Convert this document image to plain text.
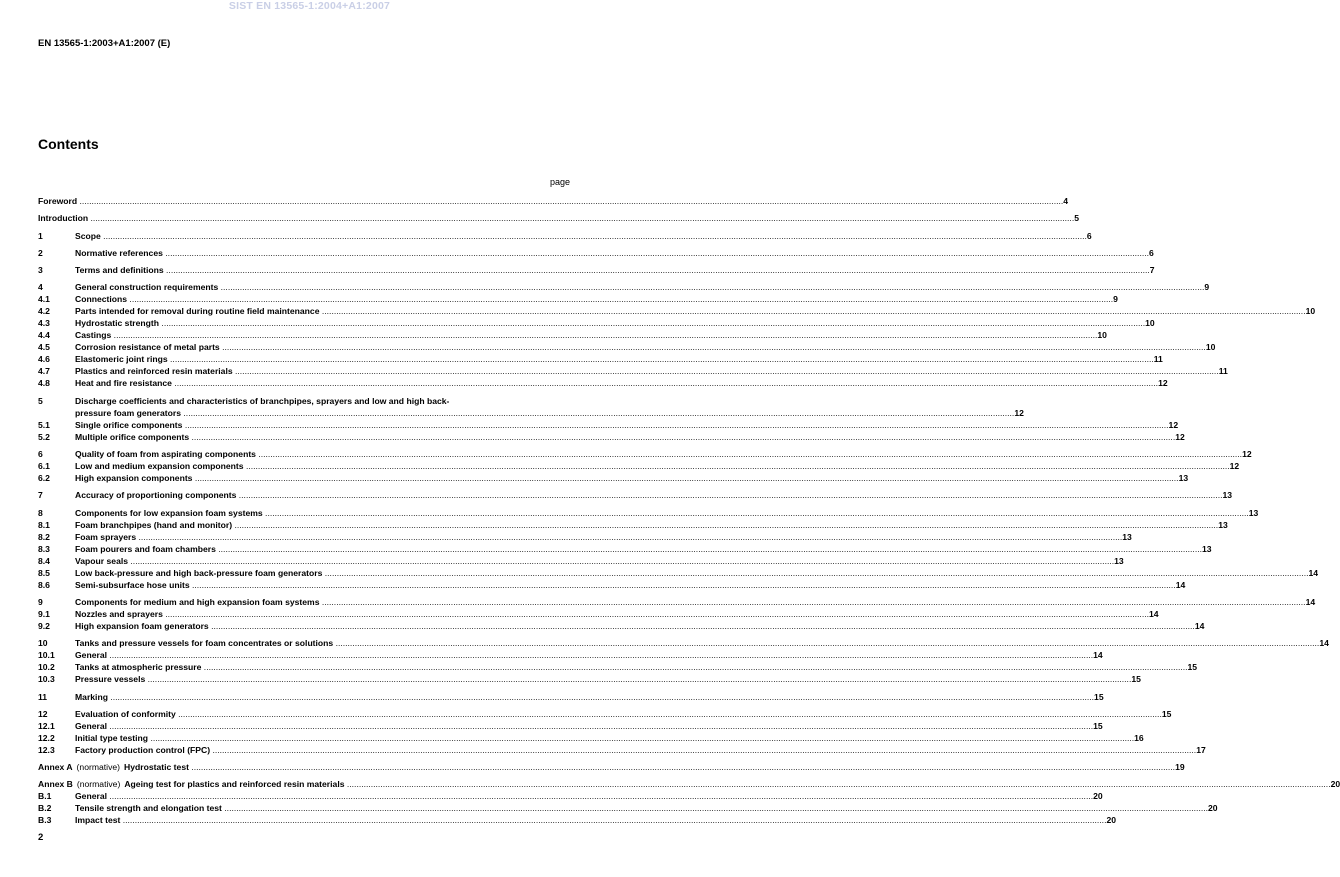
SIST EN 13565-1:2004+A1:2007
EN 13565-1:2003+A1:2007 (E)
Contents
page
Foreword .....	4
Introduction .....	5
1	Scope .....	6
2	Normative references .....	6
3	Terms and definitions .....	7
4	General construction requirements .....	9
4.1	Connections .....	9
4.2	Parts intended for removal during routine field maintenance .....	10
4.3	Hydrostatic strength .....	10
4.4	Castings .....	10
4.5	Corrosion resistance of metal parts .....	10
4.6	Elastomeric joint rings .....	11
4.7	Plastics and reinforced resin materials .....	11
4.8	Heat and fire resistance .....	12
5	Discharge coefficients and characteristics of branchpipes, sprayers and low and high back-
pressure foam generators .....	12
5.1	Single orifice components .....	12
5.2	Multiple orifice components .....	12
6	Quality of foam from aspirating components .....	12
6.1	Low and medium expansion components .....	12
6.2	High expansion components .....	13
7	Accuracy of proportioning components .....	13
8	Components for low expansion foam systems .....	13
8.1	Foam branchpipes (hand and monitor) .....	13
8.2	Foam sprayers .....	13
8.3	Foam pourers and foam chambers .....	13
8.4	Vapour seals .....	13
8.5	Low back-pressure and high back-pressure foam generators .....	14
8.6	Semi-subsurface hose units .....	14
9	Components for medium and high expansion foam systems .....	14
9.1	Nozzles and sprayers .....	14
9.2	High expansion foam generators .....	14
10	Tanks and pressure vessels for foam concentrates or solutions .....	14
10.1	General .....	14
10.2	Tanks at atmospheric pressure .....	15
10.3	Pressure vessels .....	15
11	Marking .....	15
12	Evaluation of conformity .....	15
12.1	General .....	15
12.2	Initial type testing .....	16
12.3	Factory production control (FPC) .....	17
Annex A (normative) Hydrostatic test .....	19
Annex B (normative) Ageing test for plastics and reinforced resin materials .....	20
B.1	General .....	20
B.2	Tensile strength and elongation test .....	20
B.3	Impact test .....	20
2
